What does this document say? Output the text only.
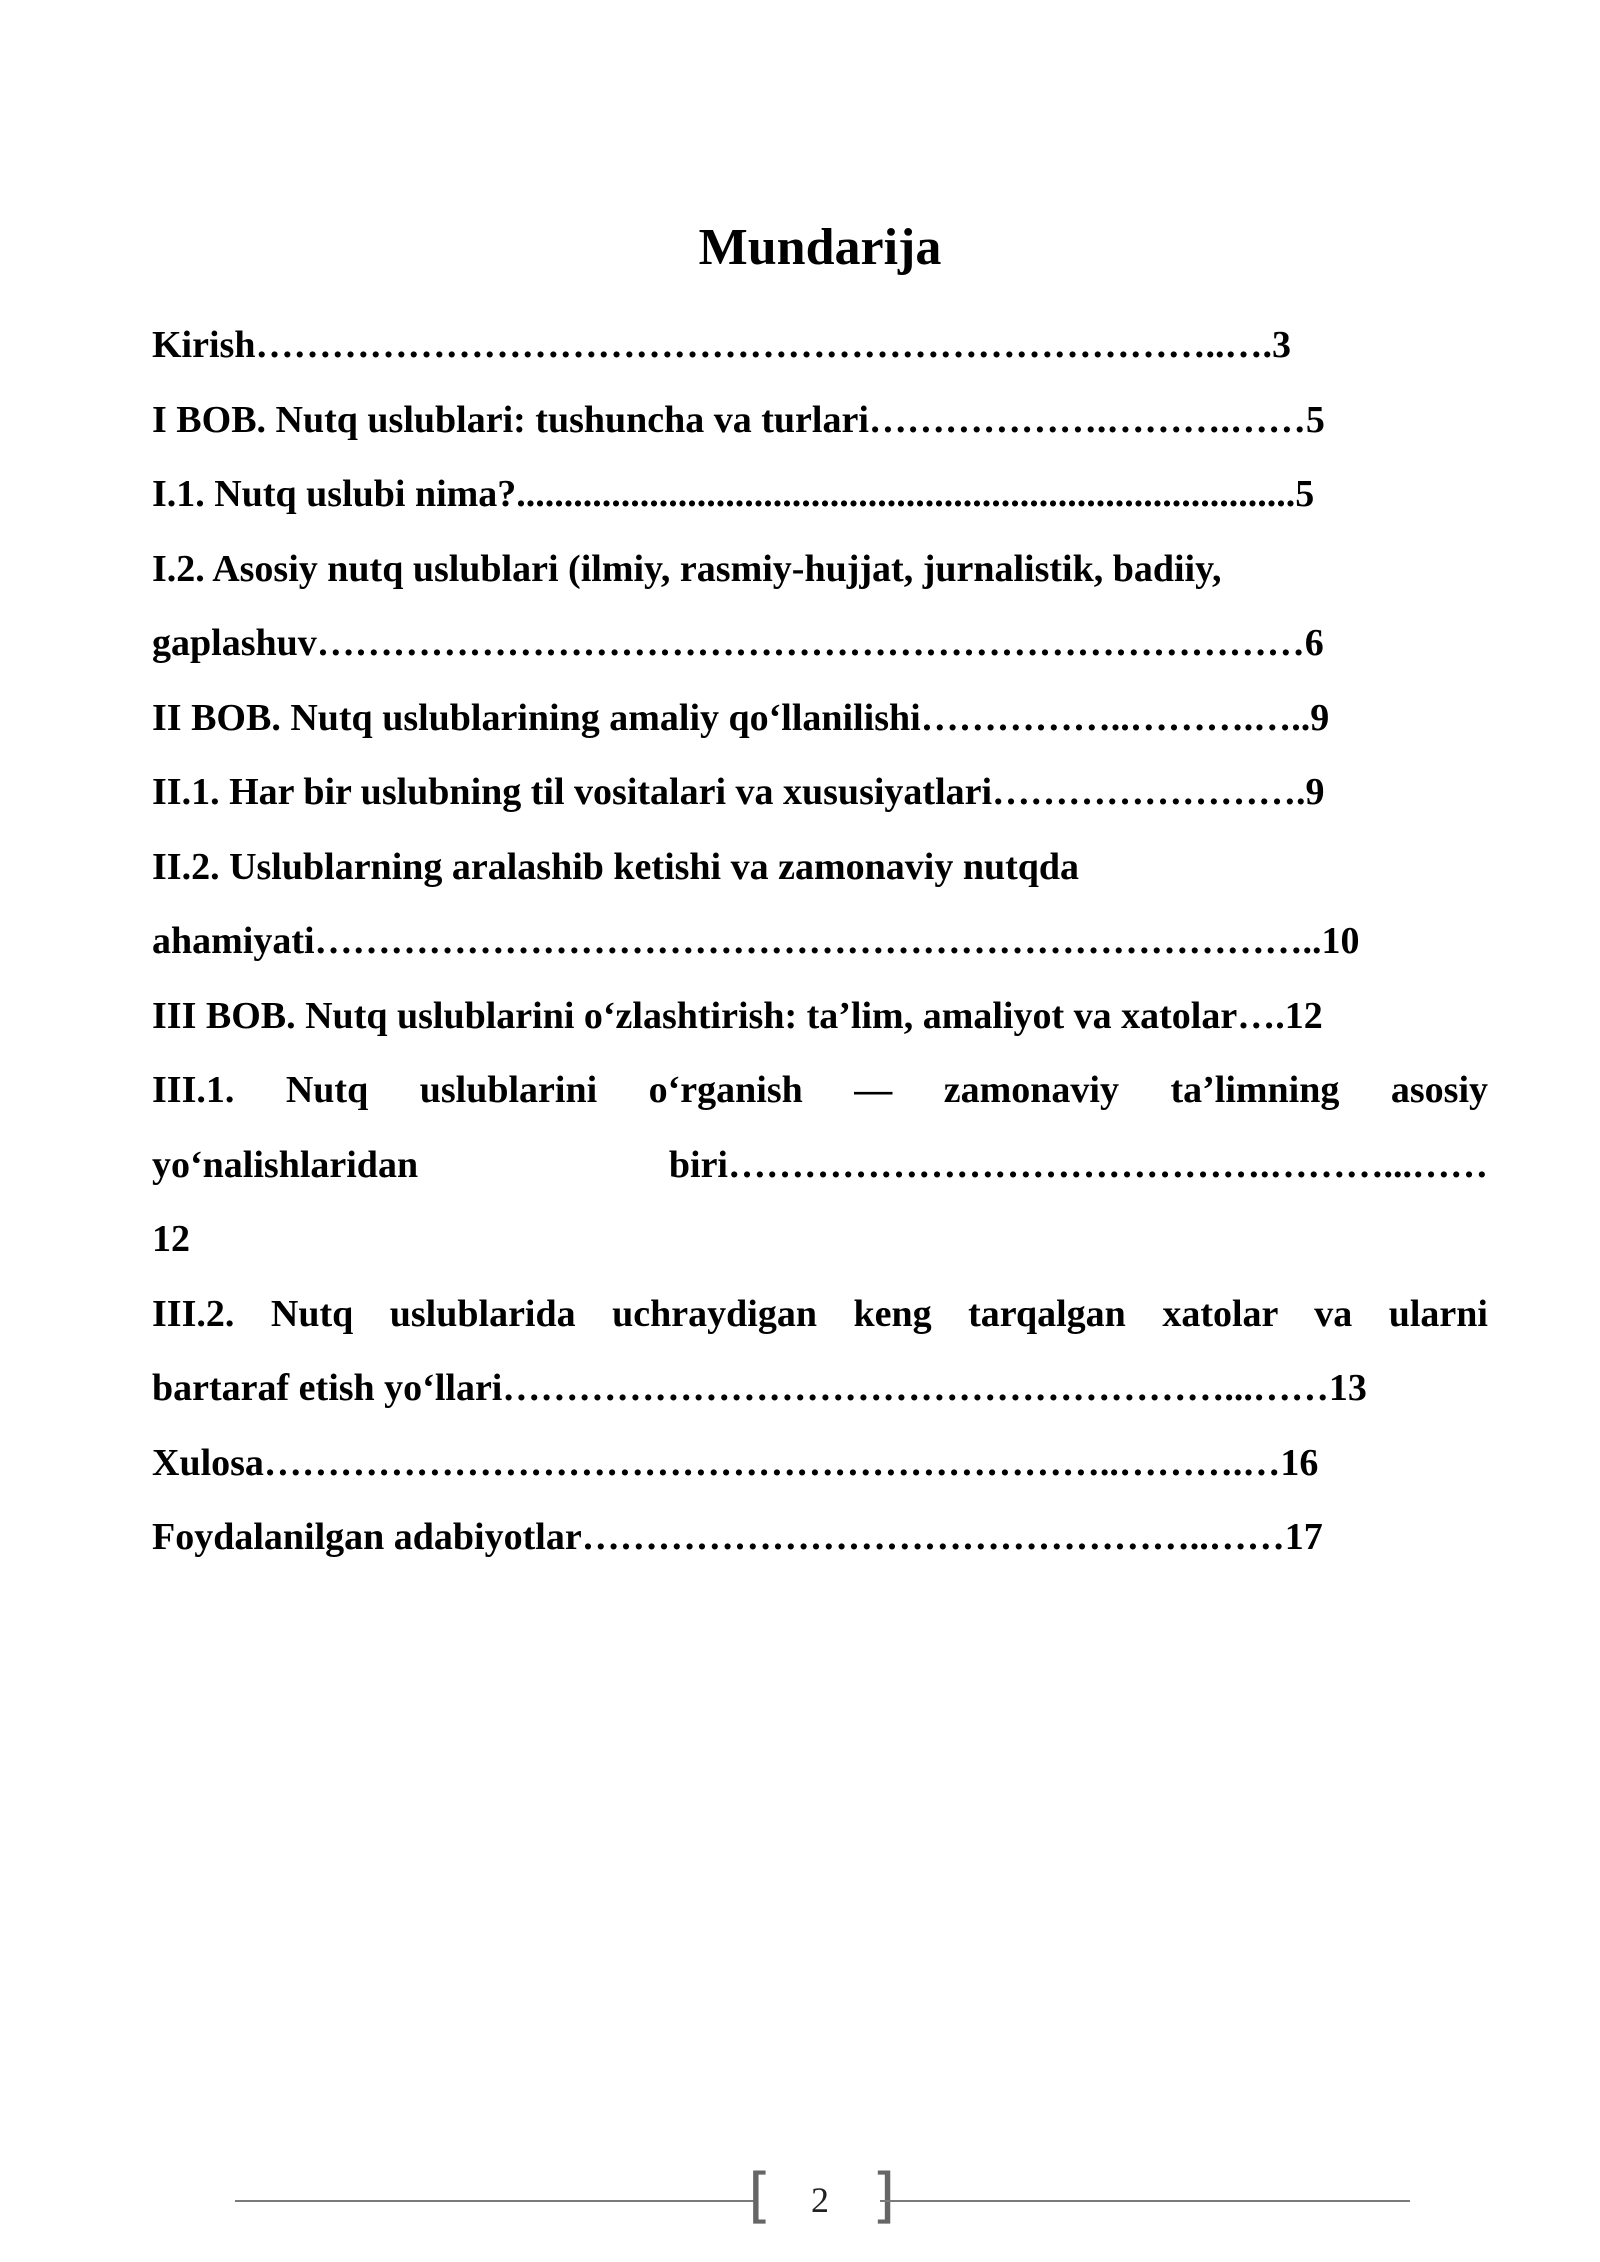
Mundarija
Kirish…………………………………………………………………..….3
I BOB. Nutq uslublari: tushuncha va turlari……………….……….……5
I.1. Nutq uslubi nima?..................................................................................5
I.2. Asosiy nutq uslublari (ilmiy, rasmiy-hujjat, jurnalistik, badiiy,
gaplashuv……………………………………………………………………6
II BOB. Nutq uslublarining amaliy qo‘llanilishi……………..……….…..9
II.1. Har bir uslubning til vositalari va xususiyatlari…………………….9
II.2. Uslublarning aralashib ketishi va zamonaviy nutqda
ahamiyati……………………………………………………………………..10
III BOB. Nutq uslublarini o‘zlashtirish: ta’lim, amaliyot va xatolar….12
III.1. Nutq uslublarini o‘rganish — zamonaviy ta’limning asosiy
yo‘nalishlaridan biri…………………………………….………...……
12
III.2. Nutq uslublarida uchraydigan keng tarqalgan xatolar va ularni
bartaraf etish yo‘llari…………………………………………………...……13
Xulosa…………………………………………………………..……….…16
Foydalanilgan adabiyotlar…………………………………………..……17
[	2 ]
